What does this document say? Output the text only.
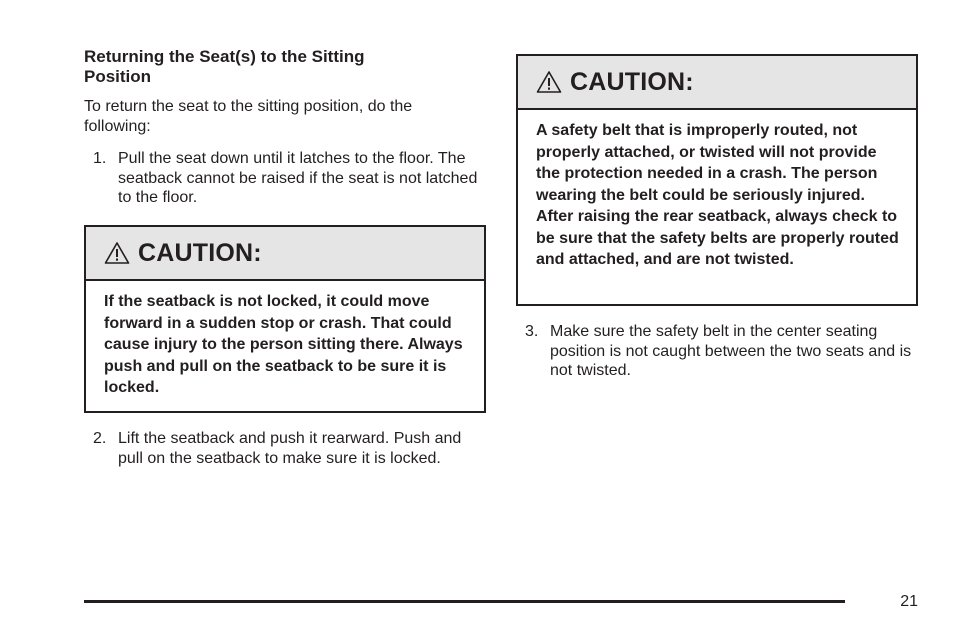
Returning the Seat(s) to the Sitting Position

To return the seat to the sitting position, do the following:

1. Pull the seat down until it latches to the floor. The seatback cannot be raised if the seat is not latched to the floor.
CAUTION:
If the seatback is not locked, it could move forward in a sudden stop or crash. That could cause injury to the person sitting there. Always push and pull on the seatback to be sure it is locked.
2. Lift the seatback and push it rearward. Push and pull on the seatback to make sure it is locked.
CAUTION:
A safety belt that is improperly routed, not properly attached, or twisted will not provide the protection needed in a crash. The person wearing the belt could be seriously injured. After raising the rear seatback, always check to be sure that the safety belts are properly routed and attached, and are not twisted.
3. Make sure the safety belt in the center seating position is not caught between the two seats and is not twisted.
21
